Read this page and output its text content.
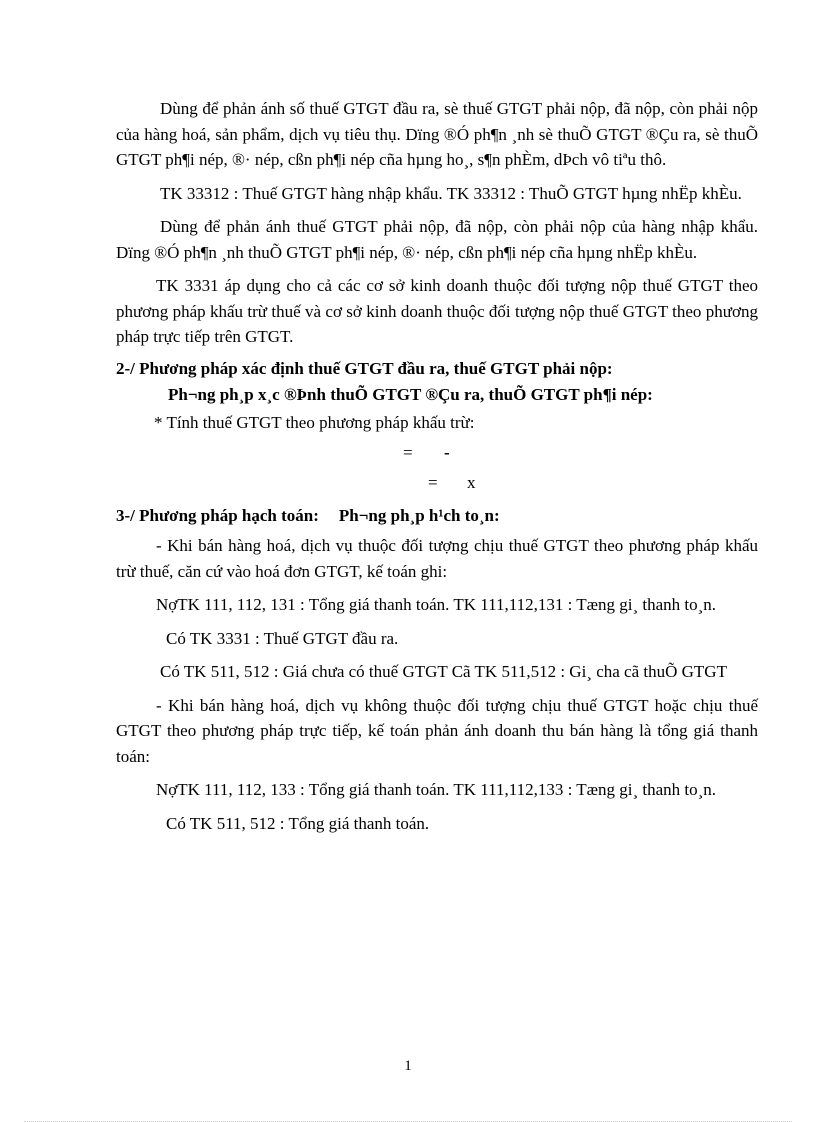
Dùng để phản ánh số thuế GTGT đầu ra, sè thuế GTGT phải nộp, đã nộp, còn phải nộp của hàng hoá, sản phẩm, dịch vụ tiêu thụ. Dïng ®Ó ph¶n ¸nh sè thuÕ GTGT ®Çu ra, sè thuÕ GTGT ph¶i nép, ®· nép, cßn ph¶i nép cña hµng ho¸, s¶n phÈm, dÞch vô tiªu thô.

TK 33312 : Thuế GTGT hàng nhập khẩu. TK 33312 : ThuÕ GTGT hµng nhËp khÈu.

Dùng để phản ánh thuế GTGT phải nộp, đã nộp, còn phải nộp của hàng nhập khẩu. Dïng ®Ó ph¶n ¸nh thuÕ GTGT ph¶i nép, ®· nép, cßn ph¶i nép cña hµng nhËp khÈu.

TK 3331 áp dụng cho cả các cơ sở kinh doanh thuộc đối tượng nộp thuế GTGT theo phương pháp khấu trừ thuế và cơ sở kinh doanh thuộc đối tượng nộp thuế GTGT theo phương pháp trực tiếp trên GTGT.

2-/ Phương pháp xác định thuế GTGT đầu ra, thuế GTGT phải nộp:
Ph¬ng ph¸p x¸c ®Þnh thuÕ GTGT ®Çu ra, thuÕ GTGT ph¶i nép:

* Tính thuế GTGT theo phương pháp khấu trừ:

= -
= x
3-/ Phương pháp hạch toán: Ph¬ng ph¸p h¹ch to¸n:

- Khi bán hàng hoá, dịch vụ thuộc đối tượng chịu thuế GTGT theo phương pháp khấu trừ thuế, căn cứ vào hoá đơn GTGT, kế toán ghi:

NợTK 111, 112, 131 : Tổng giá thanh toán. TK 111,112,131 : Tæng gi¸ thanh to¸n.

Có TK 3331 : Thuế GTGT đầu ra.

Có TK 511, 512 : Giá chưa có thuế GTGT Cã TK 511,512 : Gi¸ cha cã thuÕ GTGT

- Khi bán hàng hoá, dịch vụ không thuộc đối tượng chịu thuế GTGT hoặc chịu thuế GTGT theo phương pháp trực tiếp, kế toán phản ánh doanh thu bán hàng là tổng giá thanh toán:

NợTK 111, 112, 133 : Tổng giá thanh toán. TK 111,112,133 : Tæng gi¸ thanh to¸n.

Có TK 511, 512 : Tổng giá thanh toán.

1
